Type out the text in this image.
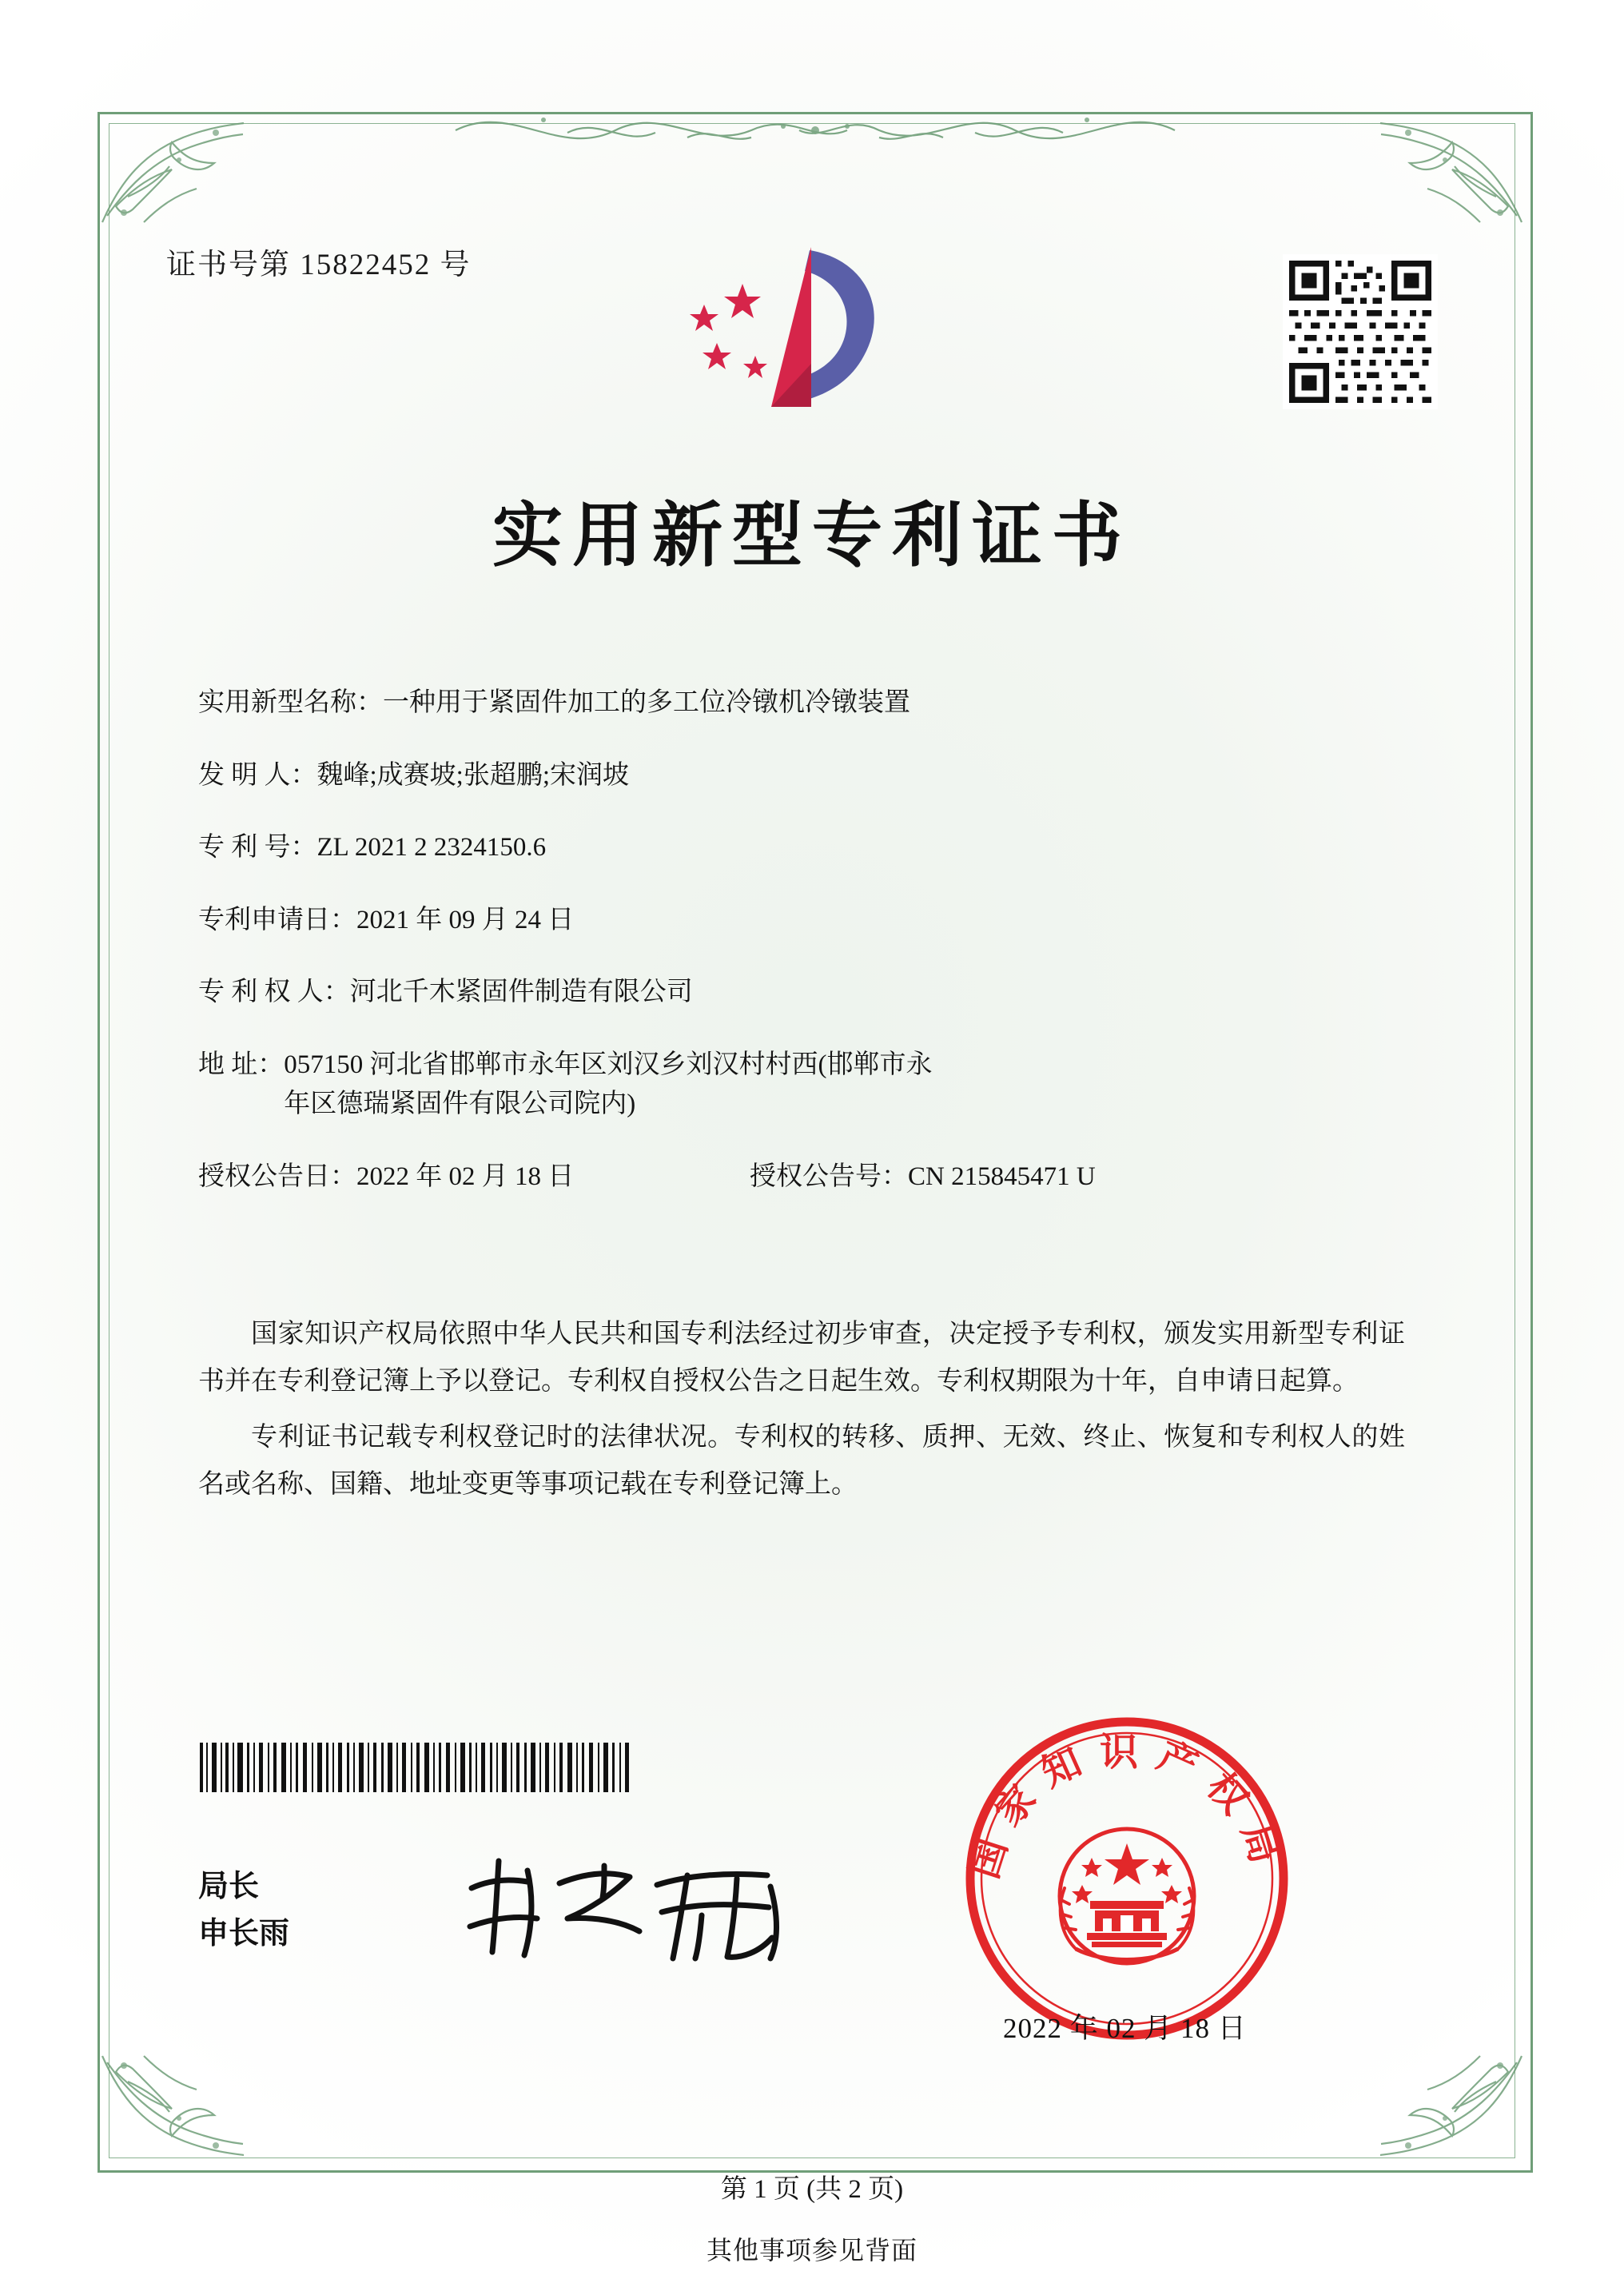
证书号第 15822452 号
实用新型专利证书
实用新型名称： 一种用于紧固件加工的多工位冷镦机冷镦装置
发 明 人： 魏峰;成赛坡;张超鹏;宋润坡
专 利 号： ZL 2021 2 2324150.6
专利申请日： 2021 年 09 月 24 日
专 利 权 人： 河北千木紧固件制造有限公司
地 址： 057150 河北省邯郸市永年区刘汉乡刘汉村村西(邯郸市永
年区德瑞紧固件有限公司院内)
授权公告日： 2022 年 02 月 18 日	授权公告号： CN 215845471 U

国家知识产权局依照中华人民共和国专利法经过初步审查，决定授予专利权，颁发实用新型专利证书并在专利登记簿上予以登记。专利权自授权公告之日起生效。专利权期限为十年，自申请日起算。

专利证书记载专利权登记时的法律状况。专利权的转移、质押、无效、终止、恢复和专利权人的姓名或名称、国籍、地址变更等事项记载在专利登记簿上。

局长
申长雨
国家知识产权局
2022 年 02 月 18 日
第 1 页 (共 2 页)
其他事项参见背面
